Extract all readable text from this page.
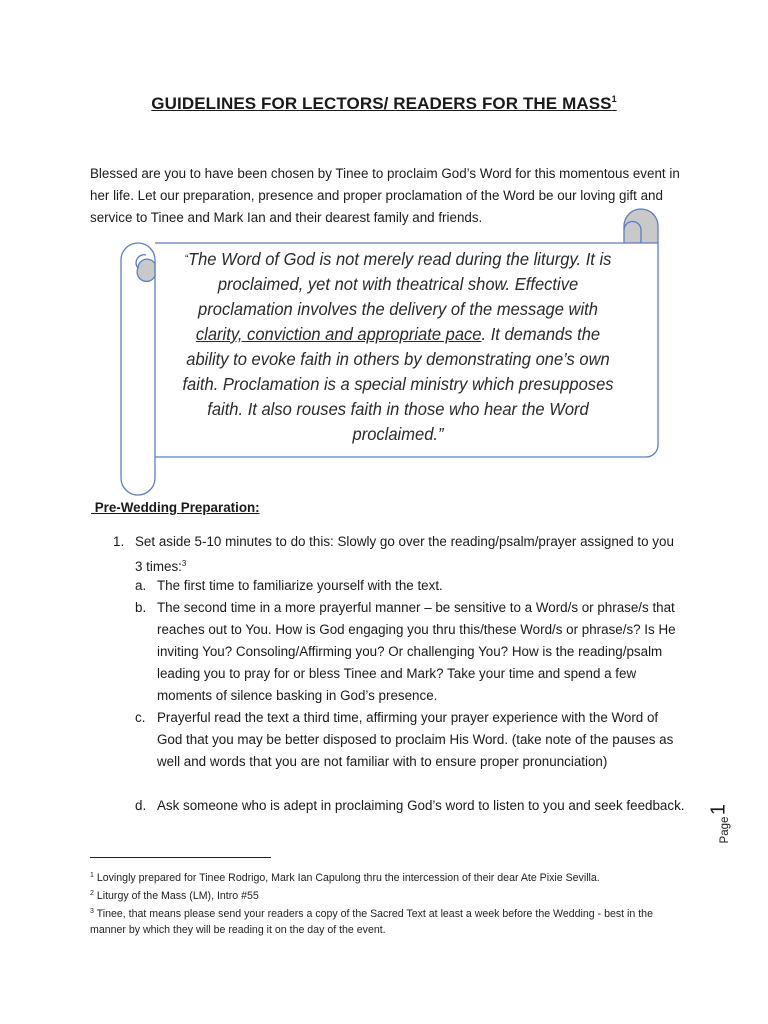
GUIDELINES FOR LECTORS/ READERS FOR THE MASS$^1$

Blessed are you to have been chosen by Tinee to proclaim God’s Word for this momentous event in her life. Let our preparation, presence and proper proclamation of the Word be our loving gift and service to Tinee and Mark Ian and their dearest family and friends.

“The Word of God is not merely read during the liturgy. It is proclaimed, yet not with theatrical show. Effective proclamation involves the delivery of the message with clarity, conviction and appropriate pace. It demands the ability to evoke faith in others by demonstrating one’s own faith. Proclamation is a special ministry which presupposes faith. It also rouses faith in those who hear the Word proclaimed.”

Pre-Wedding Preparation:

1. Set aside 5-10 minutes to do this: Slowly go over the reading/psalm/prayer assigned to you 3 times:$^3$
a. The first time to familiarize yourself with the text.
b. The second time in a more prayerful manner – be sensitive to a Word/s or phrase/s that reaches out to You. How is God engaging you thru this/these Word/s or phrase/s? Is He inviting You? Consoling/Affirming you? Or challenging You? How is the reading/psalm leading you to pray for or bless Tinee and Mark? Take your time and spend a few moments of silence basking in God’s presence.
c. Prayerful read the text a third time, affirming your prayer experience with the Word of God that you may be better disposed to proclaim His Word. (take note of the pauses as well and words that you are not familiar with to ensure proper pronunciation)
d. Ask someone who is adept in proclaiming God’s word to listen to you and seek feedback. 1
Page

$^1$ Lovingly prepared for Tinee Rodrigo, Mark Ian Capulong thru the intercession of their dear Ate Pixie Sevilla.

$^2$ Liturgy of the Mass (LM), Intro #55

$^3$ Tinee, that means please send your readers a copy of the Sacred Text at least a week before the Wedding - best in the manner by which they will be reading it on the day of the event.
